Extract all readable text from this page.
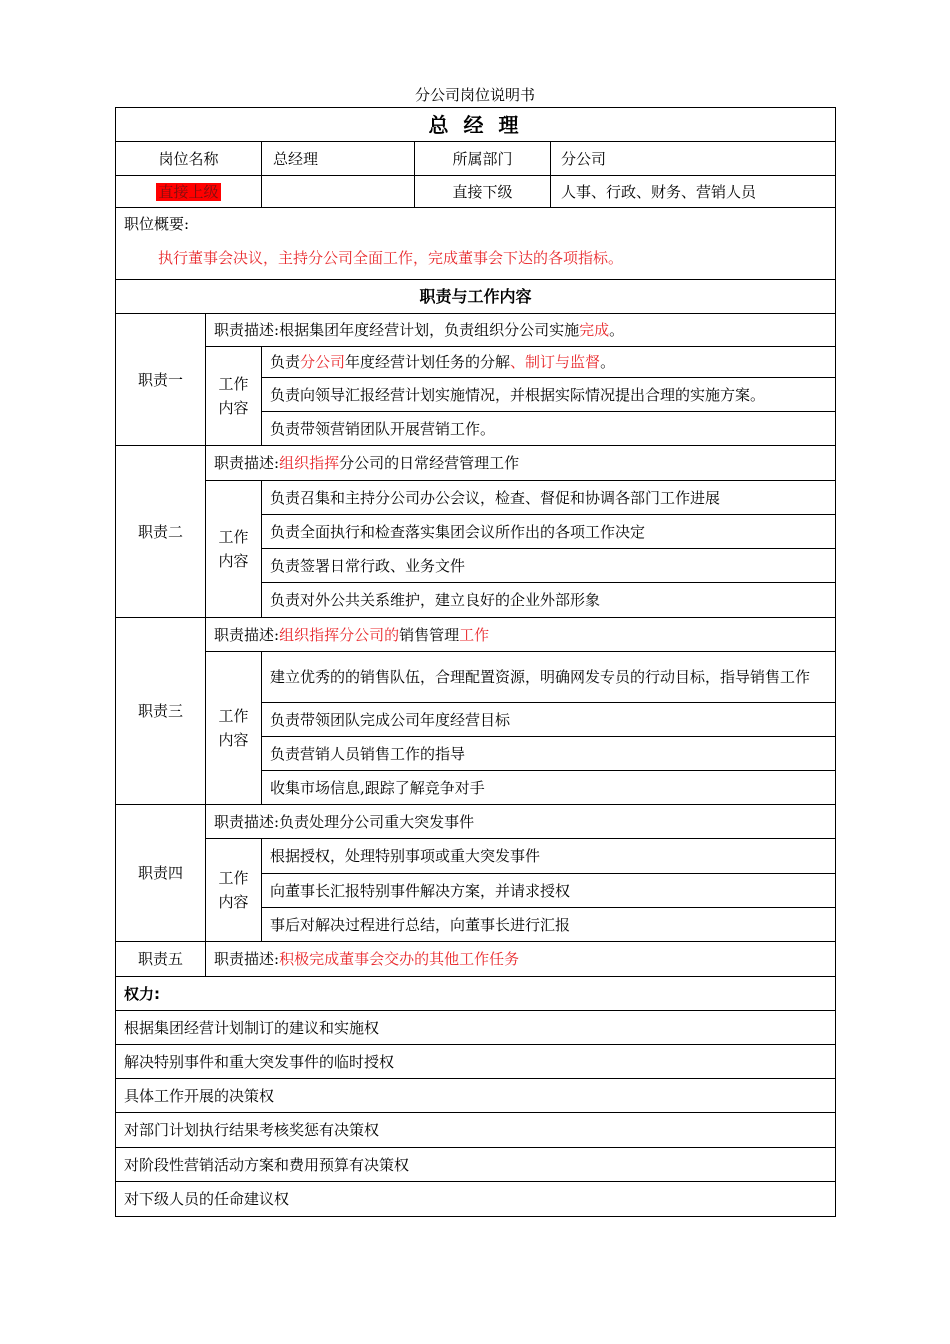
分公司岗位说明书
总 经 理				
岗位名称		总经理	所属部门	分公司
直接上级			直接下级	人事、行政、财务、营销人员
职位概要:
执行董事会决议，主持分公司全面工作，完成董事会下达的各项指标。				

职责与工作内容				
职责一	职责描述:根据集团年度经营计划，负责组织分公司实施完成。			
	工作内容	负责分公司年度经营计划任务的分解、制订与监督。		
		负责向领导汇报经营计划实施情况，并根据实际情况提出合理的实施方案。		
		负责带领营销团队开展营销工作。		
职责二	职责描述:组织指挥分公司的日常经营管理工作			
	工作内容	负责召集和主持分公司办公会议，检查、督促和协调各部门工作进展		
		负责全面执行和检查落实集团会议所作出的各项工作决定		
		负责签署日常行政、业务文件		
		负责对外公共关系维护，建立良好的企业外部形象		
职责三	职责描述:组织指挥分公司的销售管理工作			
	工作内容	建立优秀的的销售队伍，合理配置资源，明确网发专员的行动目标，指导销售工作		
		负责带领团队完成公司年度经营目标		
		负责营销人员销售工作的指导		
		收集市场信息,跟踪了解竞争对手		
职责四	职责描述:负责处理分公司重大突发事件			
	工作内容	根据授权，处理特别事项或重大突发事件		
		向董事长汇报特别事件解决方案，并请求授权		
		事后对解决过程进行总结，向董事长进行汇报		
职责五	职责描述:积极完成董事会交办的其他工作任务			
权力:				
根据集团经营计划制订的建议和实施权				
解决特别事件和重大突发事件的临时授权				
具体工作开展的决策权				
对部门计划执行结果考核奖惩有决策权				
对阶段性营销活动方案和费用预算有决策权				
对下级人员的任命建议权				
